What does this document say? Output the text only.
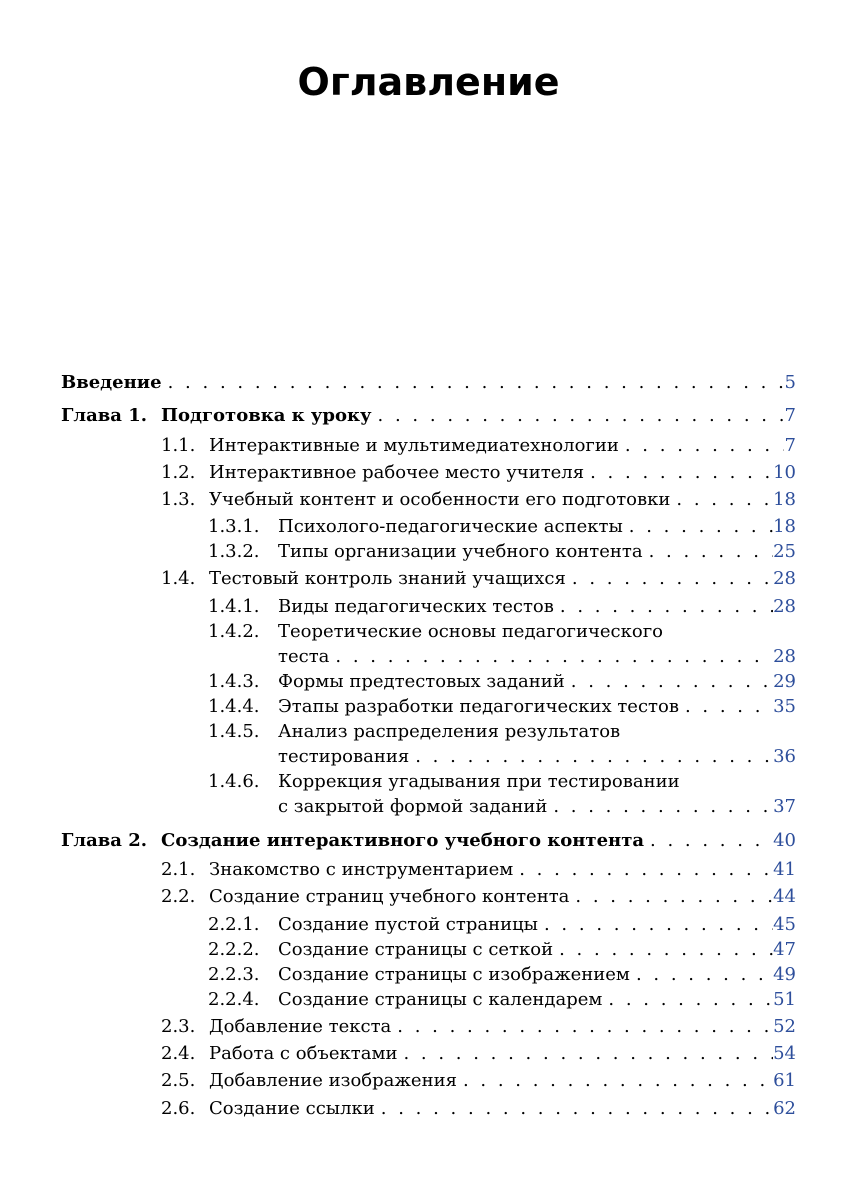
Оглавление
Введение . . .	5
Глава 1. Подготовка к уроку . . .	7
1.1. Интерактивные и мультимедиатехнологии . . .	7
1.2. Интерактивное рабочее место учителя . . .	10
1.3. Учебный контент и особенности его подготовки . . .	18
1.3.1.	Психолого-педагогические аспекты . . .	18
1.3.2.	Типы организации учебного контента . . .	25
1.4. Тестовый контроль знаний учащихся . . .	28
1.4.1.	Виды педагогических тестов . . .	28
1.4.2.	Теоретические основы педагогического
теста . . .	28
1.4.3.	Формы предтестовых заданий . . .	29
1.4.4.	Этапы разработки педагогических тестов . . .	35
1.4.5.	Анализ распределения результатов
тестирования . . .	36
1.4.6.	Коррекция угадывания при тестировании
с закрытой формой заданий . . .	37
Глава 2. Создание интерактивного учебного контента . . .	40
2.1. Знакомство с инструментарием . . .	41
2.2. Создание страниц учебного контента . . .	44
2.2.1.	Создание пустой страницы . . .	45
2.2.2.	Создание страницы с сеткой . . .	47
2.2.3.	Создание страницы с изображением . . .	49
2.2.4.	Создание страницы с календарем . . .	51
2.3. Добавление текста . . .	52
2.4. Работа с объектами . . .	54
2.5. Добавление изображения . . .	61
2.6. Создание ссылки . . .	62
